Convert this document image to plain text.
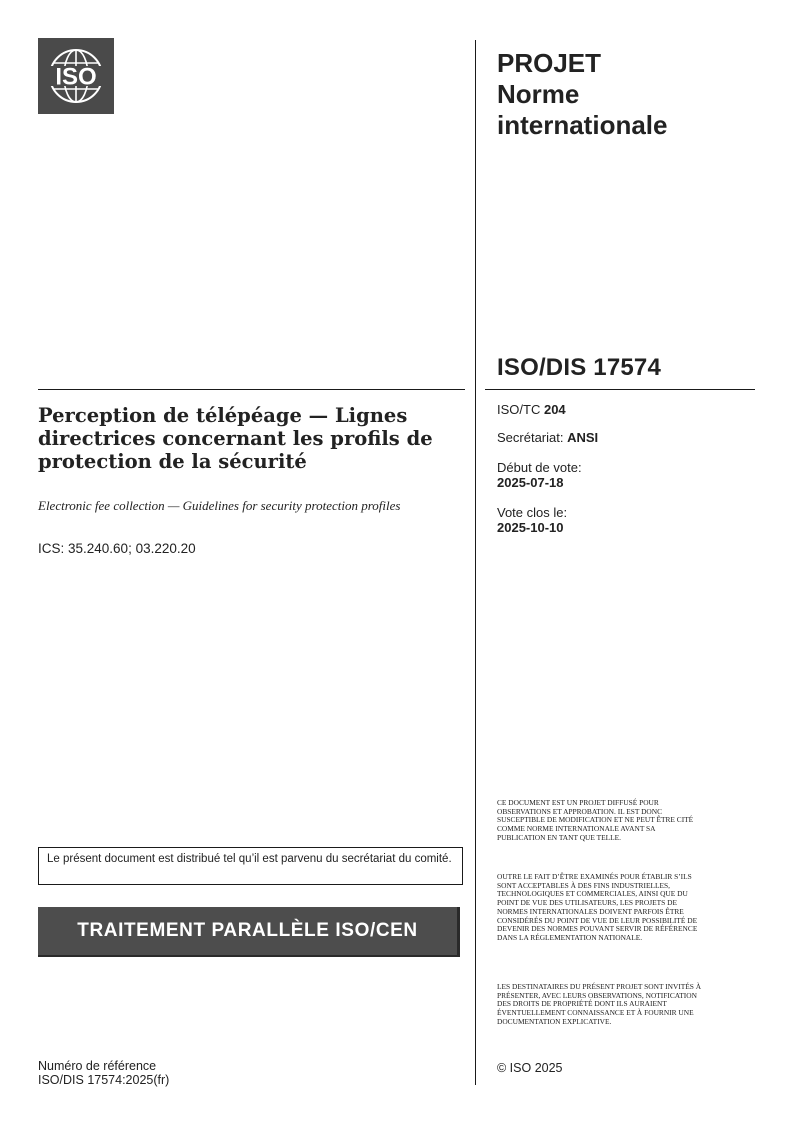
ISO	PROJET
Norme
internationale
ISO/DIS 17574
Perception de télépéage — Lignes directrices concernant les profils de protection de la sécurité
Electronic fee collection — Guidelines for security protection profiles
ICS: 35.240.60; 03.220.20
ISO/TC 204
Secrétariat: ANSI
Début de vote:
2025-07-18
Vote clos le:
2025-10-10
Le présent document est distribué tel qu’il est parvenu du secrétariat du comité.
TRAITEMENT PARALLÈLE ISO/CEN
Numéro de référence
ISO/DIS 17574:2025(fr)
CE DOCUMENT EST UN PROJET DIFFUSÉ POUR OBSERVATIONS ET APPROBATION. IL EST DONC SUSCEPTIBLE DE MODIFICATION ET NE PEUT ÊTRE CITÉ COMME NORME INTERNATIONALE AVANT SA PUBLICATION EN TANT QUE TELLE.
OUTRE LE FAIT D’ÊTRE EXAMINÉS POUR ÉTABLIR S’ILS SONT ACCEPTABLES À DES FINS INDUSTRIELLES, TECHNOLOGIQUES ET COMMERCIALES, AINSI QUE DU POINT DE VUE DES UTILISATEURS, LES PROJETS DE NORMES INTERNATIONALES DOIVENT PARFOIS ÊTRE CONSIDÉRÉS DU POINT DE VUE DE LEUR POSSIBILITÉ DE DEVENIR DES NORMES POUVANT SERVIR DE RÉFÉRENCE DANS LA RÉGLEMENTATION NATIONALE.
LES DESTINATAIRES DU PRÉSENT PROJET SONT INVITÉS À PRÉSENTER, AVEC LEURS OBSERVATIONS, NOTIFICATION DES DROITS DE PROPRIÉTÉ DONT ILS AURAIENT ÉVENTUELLEMENT CONNAISSANCE ET À FOURNIR UNE DOCUMENTATION EXPLICATIVE.
© ISO 2025
